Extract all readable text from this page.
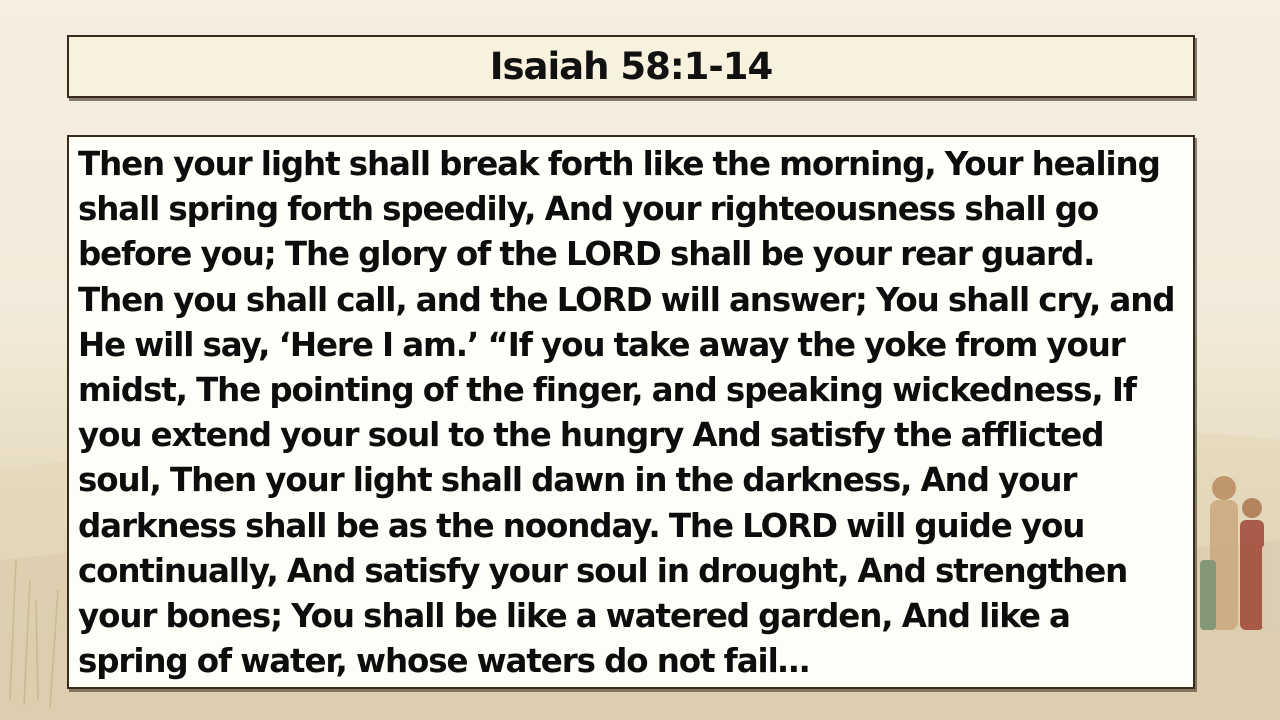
Isaiah 58:1-14

Then your light shall break forth like the morning, Your healing shall spring forth speedily, And your righteousness shall go before you; The glory of the LORD shall be your rear guard. Then you shall call, and the LORD will answer; You shall cry, and He will say, ‘Here I am.’ “If you take away the yoke from your midst, The pointing of the finger, and speaking wickedness, If you extend your soul to the hungry And satisfy the afflicted soul, Then your light shall dawn in the darkness, And your darkness shall be as the noonday. The LORD will guide you continually, And satisfy your soul in drought, And strengthen your bones; You shall be like a watered garden, And like a spring of water, whose waters do not fail…
